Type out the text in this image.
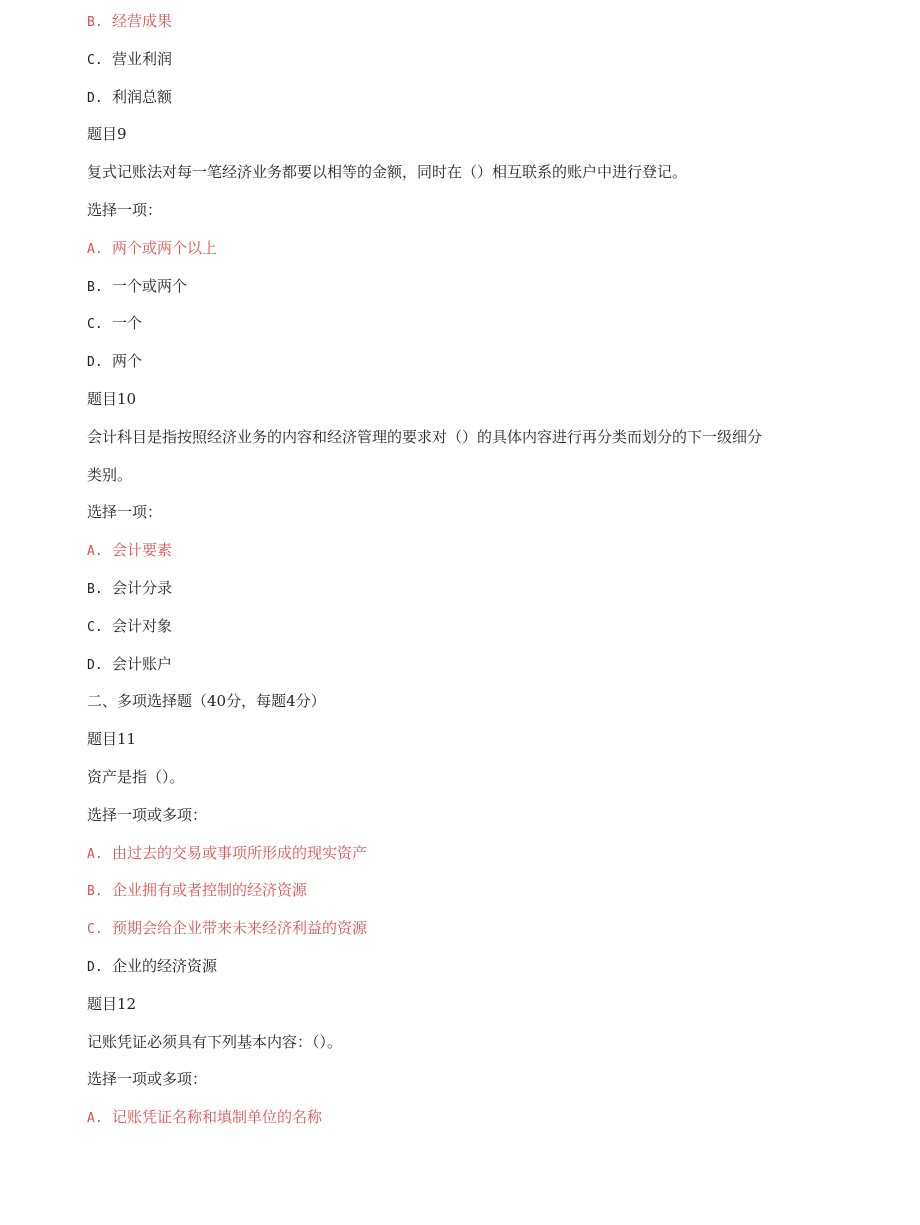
B. 经营成果
C. 营业利润
D. 利润总额
题目9
复式记账法对每一笔经济业务都要以相等的金额，同时在（）相互联系的账户中进行登记。
选择一项：
A. 两个或两个以上
B. 一个或两个
C. 一个
D. 两个
题目10
会计科目是指按照经济业务的内容和经济管理的要求对（）的具体内容进行再分类而划分的下一级细分
类别。
选择一项：
A. 会计要素
B. 会计分录
C. 会计对象
D. 会计账户
二、多项选择题（40分，每题4分）
题目11
资产是指（）。
选择一项或多项：
A. 由过去的交易或事项所形成的现实资产
B. 企业拥有或者控制的经济资源
C. 预期会给企业带来未来经济利益的资源
D. 企业的经济资源
题目12
记账凭证必须具有下列基本内容：（）。
选择一项或多项：
A. 记账凭证名称和填制单位的名称
